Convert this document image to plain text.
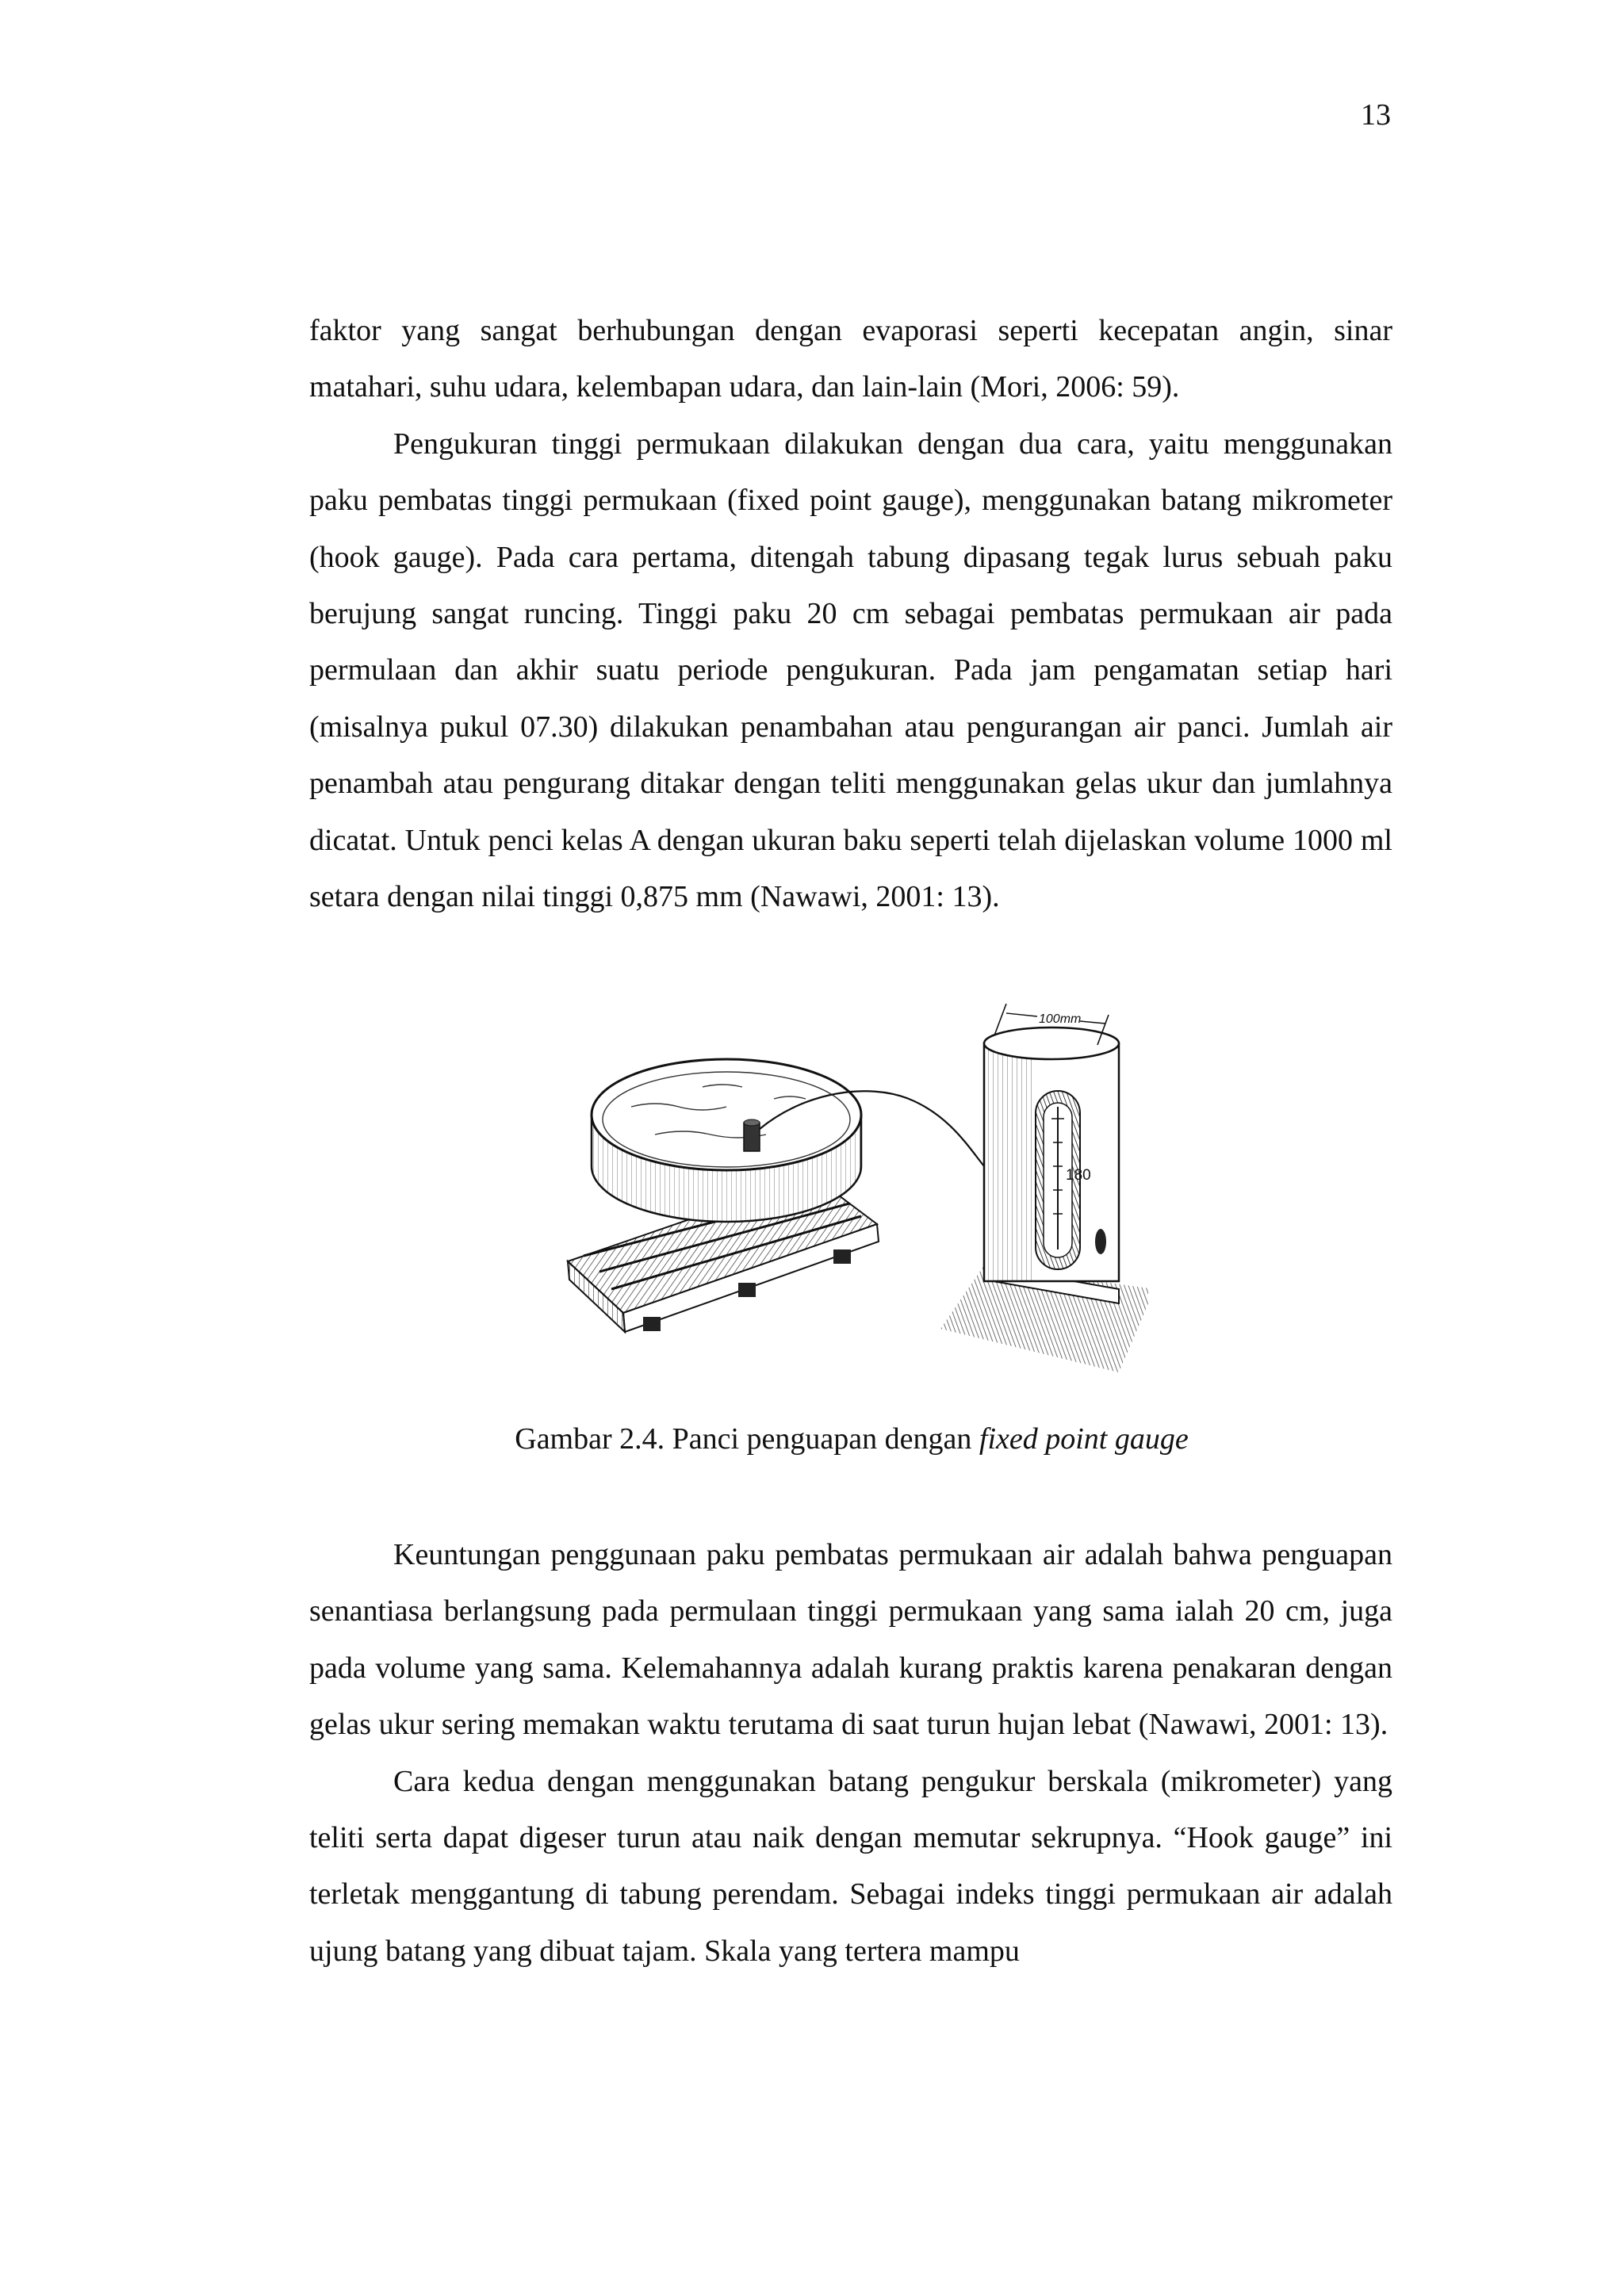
13

faktor yang sangat berhubungan dengan evaporasi seperti kecepatan angin, sinar matahari, suhu udara, kelembapan udara, dan lain-lain (Mori, 2006: 59).

Pengukuran tinggi permukaan dilakukan dengan dua cara, yaitu menggunakan paku pembatas tinggi permukaan (fixed point gauge), menggunakan batang mikrometer (hook gauge). Pada cara pertama, ditengah tabung dipasang tegak lurus sebuah paku berujung sangat runcing. Tinggi paku 20 cm sebagai pembatas permukaan air pada permulaan dan akhir suatu periode pengukuran. Pada jam pengamatan setiap hari (misalnya pukul 07.30) dilakukan penambahan atau pengurangan air panci. Jumlah air penambah atau pengurang ditakar dengan teliti menggunakan gelas ukur dan jumlahnya dicatat. Untuk penci kelas A dengan ukuran baku seperti telah dijelaskan volume 1000 ml setara dengan nilai tinggi 0,875 mm (Nawawi, 2001: 13).

180
100mm
Gambar 2.4. Panci penguapan dengan fixed point gauge

Keuntungan penggunaan paku pembatas permukaan air adalah bahwa penguapan senantiasa berlangsung pada permulaan tinggi permukaan yang sama ialah 20 cm, juga pada volume yang sama. Kelemahannya adalah kurang praktis karena penakaran dengan gelas ukur sering memakan waktu terutama di saat turun hujan lebat (Nawawi, 2001: 13).

Cara kedua dengan menggunakan batang pengukur berskala (mikrometer) yang teliti serta dapat digeser turun atau naik dengan memutar sekrupnya. “Hook gauge” ini terletak menggantung di tabung perendam. Sebagai indeks tinggi permukaan air adalah ujung batang yang dibuat tajam. Skala yang tertera mampu
